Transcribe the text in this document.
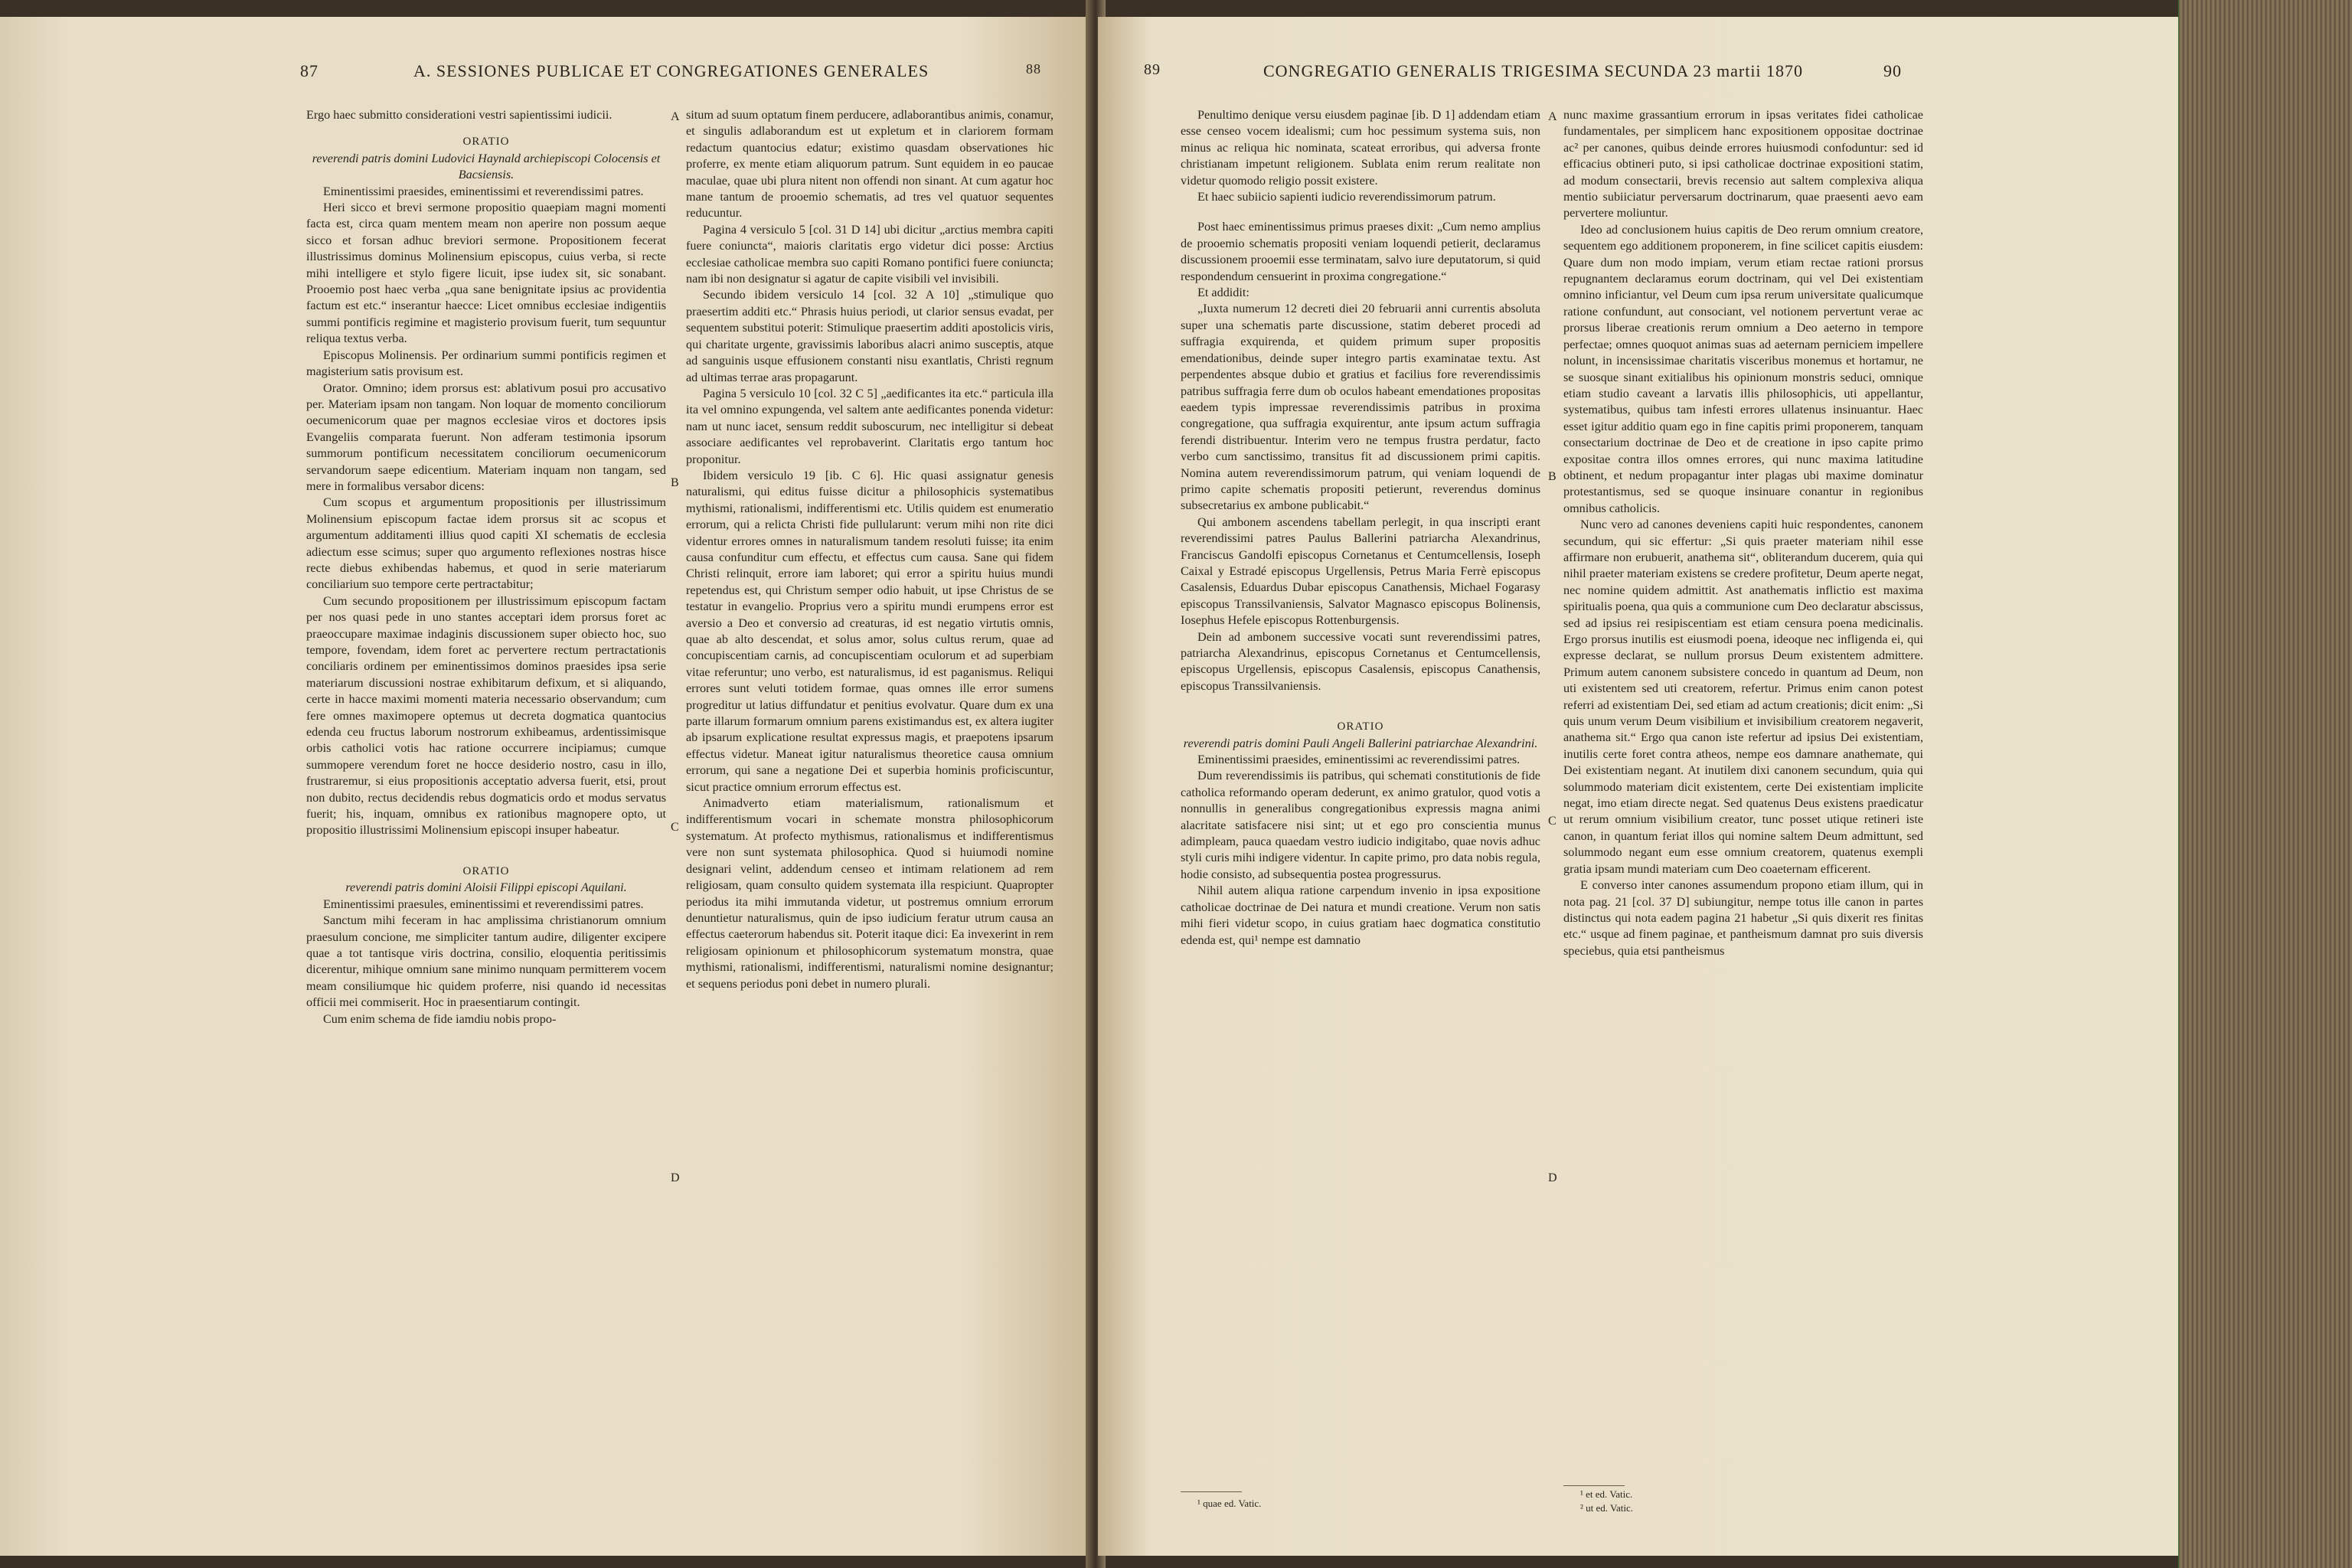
87	A. SESSIONES PUBLICAE ET CONGREGATIONES GENERALES	88

Ergo haec submitto considerationi vestri sapientissimi iudicii.

ORATIO

reverendi patris domini Ludovici Haynald archiepiscopi Colocensis et Bacsiensis.

Eminentissimi praesides, eminentissimi et reverendissimi patres.

Heri sicco et brevi sermone propositio quaepiam magni momenti facta est, circa quam mentem meam non aperire non possum aeque sicco et forsan adhuc breviori sermone. Propositionem fecerat illustrissimus dominus Molinensium episcopus, cuius verba, si recte mihi intelligere et stylo figere licuit, ipse iudex sit, sic sonabant. Prooemio post haec verba „qua sane benignitate ipsius ac providentia factum est etc.“ inserantur haecce: Licet omnibus ecclesiae indigentiis summi pontificis regimine et magisterio provisum fuerit, tum sequuntur reliqua textus verba.

Episcopus Molinensis. Per ordinarium summi pontificis regimen et magisterium satis provisum est.

Orator. Omnino; idem prorsus est: ablativum posui pro accusativo per. Materiam ipsam non tangam. Non loquar de momento conciliorum oecumenicorum quae per magnos ecclesiae viros et doctores ipsis Evangeliis comparata fuerunt. Non adferam testimonia ipsorum summorum pontificum necessitatem conciliorum oecumenicorum servandorum saepe edicentium. Materiam inquam non tangam, sed mere in formalibus versabor dicens:

Cum scopus et argumentum propositionis per illustrissimum Molinensium episcopum factae idem prorsus sit ac scopus et argumentum additamenti illius quod capiti XI schematis de ecclesia adiectum esse scimus; super quo argumento reflexiones nostras hisce recte diebus exhibendas habemus, et quod in serie materiarum conciliarium suo tempore certe pertractabitur;

Cum secundo propositionem per illustrissimum episcopum factam per nos quasi pede in uno stantes acceptari idem prorsus foret ac praeoccupare maximae indaginis discussionem super obiecto hoc, suo tempore, fovendam, idem foret ac pervertere rectum pertractationis conciliaris ordinem per eminentissimos dominos praesides ipsa serie materiarum discussioni nostrae exhibitarum defixum, et si aliquando, certe in hacce maximi momenti materia necessario observandum; cum fere omnes maximopere optemus ut decreta dogmatica quantocius edenda ceu fructus laborum nostrorum exhibeamus, ardentissimisque orbis catholici votis hac ratione occurrere incipiamus; cumque summopere verendum foret ne hocce desiderio nostro, casu in illo, frustraremur, si eius propositionis acceptatio adversa fuerit, etsi, prout non dubito, rectus decidendis rebus dogmaticis ordo et modus servatus fuerit; his, inquam, omnibus ex rationibus magnopere opto, ut propositio illustrissimi Molinensium episcopi insuper habeatur.

ORATIO

reverendi patris domini Aloisii Filippi episcopi Aquilani.

Eminentissimi praesules, eminentissimi et reverendissimi patres.

Sanctum mihi feceram in hac amplissima christianorum omnium praesulum concione, me simpliciter tantum audire, diligenter excipere quae a tot tantisque viris doctrina, consilio, eloquentia peritissimis dicerentur, mihique omnium sane minimo nunquam permitterem vocem meam consiliumque hic quidem proferre, nisi quando id necessitas officii mei commiserit. Hoc in praesentiarum contingit.

Cum enim schema de fide iamdiu nobis propo-

A
B
C
D

situm ad suum optatum finem perducere, adlaborantibus animis, conamur, et singulis adlaborandum est ut expletum et in clariorem formam redactum quantocius edatur; existimo quasdam observationes hic proferre, ex mente etiam aliquorum patrum. Sunt equidem in eo paucae maculae, quae ubi plura nitent non offendi non sinant. At cum agatur hoc mane tantum de prooemio schematis, ad tres vel quatuor sequentes reducuntur.

Pagina 4 versiculo 5 [col. 31 D 14] ubi dicitur „arctius membra capiti fuere coniuncta“, maioris claritatis ergo videtur dici posse: Arctius ecclesiae catholicae membra suo capiti Romano pontifici fuere coniuncta; nam ibi non designatur si agatur de capite visibili vel invisibili.

Secundo ibidem versiculo 14 [col. 32 A 10] „stimulique quo praesertim additi etc.“ Phrasis huius periodi, ut clarior sensus evadat, per sequentem substitui poterit: Stimulique praesertim additi apostolicis viris, qui charitate urgente, gravissimis laboribus alacri animo susceptis, atque ad sanguinis usque effusionem constanti nisu exantlatis, Christi regnum ad ultimas terrae aras propagarunt.

Pagina 5 versiculo 10 [col. 32 C 5] „aedificantes ita etc.“ particula illa ita vel omnino expungenda, vel saltem ante aedificantes ponenda videtur: nam ut nunc iacet, sensum reddit suboscurum, nec intelligitur si debeat associare aedificantes vel reprobaverint. Claritatis ergo tantum hoc proponitur.

Ibidem versiculo 19 [ib. C 6]. Hic quasi assignatur genesis naturalismi, qui editus fuisse dicitur a philosophicis systematibus mythismi, rationalismi, indifferentismi etc. Utilis quidem est enumeratio errorum, qui a relicta Christi fide pullularunt: verum mihi non rite dici videntur errores omnes in naturalismum tandem resoluti fuisse; ita enim causa confunditur cum effectu, et effectus cum causa. Sane qui fidem Christi relinquit, errore iam laboret; qui error a spiritu huius mundi repetendus est, qui Christum semper odio habuit, ut ipse Christus de se testatur in evangelio. Proprius vero a spiritu mundi erumpens error est aversio a Deo et conversio ad creaturas, id est negatio virtutis omnis, quae ab alto descendat, et solus amor, solus cultus rerum, quae ad concupiscentiam carnis, ad concupiscentiam oculorum et ad superbiam vitae referuntur; uno verbo, est naturalismus, id est paganismus. Reliqui errores sunt veluti totidem formae, quas omnes ille error sumens progreditur ut latius diffundatur et penitius evolvatur. Quare dum ex una parte illarum formarum omnium parens existimandus est, ex altera iugiter ab ipsarum explicatione resultat expressus magis, et praepotens ipsarum effectus videtur. Maneat igitur naturalismus theoretice causa omnium errorum, qui sane a negatione Dei et superbia hominis proficiscuntur, sicut practice omnium errorum effectus est.

Animadverto etiam materialismum, rationalismum et indifferentismum vocari in schemate monstra philosophicorum systematum. At profecto mythismus, rationalismus et indifferentismus vere non sunt systemata philosophica. Quod si huiumodi nomine designari velint, addendum censeo et intimam relationem ad rem religiosam, quam consulto quidem systemata illa respiciunt. Quapropter periodus ita mihi immutanda videtur, ut postremus omnium errorum denuntietur naturalismus, quin de ipso iudicium feratur utrum causa an effectus caeterorum habendus sit. Poterit itaque dici: Ea invexerint in rem religiosam opinionum et philosophicorum systematum monstra, quae mythismi, rationalismi, indifferentismi, naturalismi nomine designantur; et sequens periodus poni debet in numero plurali.

89	CONGREGATIO GENERALIS TRIGESIMA SECUNDA 23 martii 1870	90

Penultimo denique versu eiusdem paginae [ib. D 1] addendam etiam esse censeo vocem idealismi; cum hoc pessimum systema suis, non minus ac reliqua hic nominata, scateat erroribus, qui adversa fronte christianam impetunt religionem. Sublata enim rerum realitate non videtur quomodo religio possit existere.

Et haec subiicio sapienti iudicio reverendissimorum patrum.

Post haec eminentissimus primus praeses dixit: „Cum nemo amplius de prooemio schematis propositi veniam loquendi petierit, declaramus discussionem prooemii esse terminatam, salvo iure deputatorum, si quid respondendum censuerint in proxima congregatione.“

Et addidit:

„Iuxta numerum 12 decreti diei 20 februarii anni currentis absoluta super una schematis parte discussione, statim deberet procedi ad suffragia exquirenda, et quidem primum super propositis emendationibus, deinde super integro partis examinatae textu. Ast perpendentes absque dubio et gratius et facilius fore reverendissimis patribus suffragia ferre dum ob oculos habeant emendationes propositas eaedem typis impressae reverendissimis patribus in proxima congregatione, qua suffragia exquirentur, ante ipsum actum suffragia ferendi distribuentur. Interim vero ne tempus frustra perdatur, facto verbo cum sanctissimo, transitus fit ad discussionem primi capitis. Nomina autem reverendissimorum patrum, qui veniam loquendi de primo capite schematis propositi petierunt, reverendus dominus subsecretarius ex ambone publicabit.“

Qui ambonem ascendens tabellam perlegit, in qua inscripti erant reverendissimi patres Paulus Ballerini patriarcha Alexandrinus, Franciscus Gandolfi episcopus Cornetanus et Centumcellensis, Ioseph Caixal y Estradé episcopus Urgellensis, Petrus Maria Ferrè episcopus Casalensis, Eduardus Dubar episcopus Canathensis, Michael Fogarasy episcopus Transsilvaniensis, Salvator Magnasco episcopus Bolinensis, Iosephus Hefele episcopus Rottenburgensis.

Dein ad ambonem successive vocati sunt reverendissimi patres, patriarcha Alexandrinus, episcopus Cornetanus et Centumcellensis, episcopus Urgellensis, episcopus Casalensis, episcopus Canathensis, episcopus Transsilvaniensis.

ORATIO

reverendi patris domini Pauli Angeli Ballerini patriarchae Alexandrini.

Eminentissimi praesides, eminentissimi ac reverendissimi patres.

Dum reverendissimis iis patribus, qui schemati constitutionis de fide catholica reformando operam dederunt, ex animo gratulor, quod votis a nonnullis in generalibus congregationibus expressis magna animi alacritate satisfacere nisi sint; ut et ego pro conscientia munus adimpleam, pauca quaedam vestro iudicio indigitabo, quae novis adhuc styli curis mihi indigere videntur. In capite primo, pro data nobis regula, hodie consisto, ad subsequentia postea progressurus.

Nihil autem aliqua ratione carpendum invenio in ipsa expositione catholicae doctrinae de Dei natura et mundi creatione. Verum non satis mihi fieri videtur scopo, in cuius gratiam haec dogmatica constitutio edenda est, qui¹ nempe est damnatio

A
B
C
D

nunc maxime grassantium errorum in ipsas veritates fidei catholicae fundamentales, per simplicem hanc expositionem oppositae doctrinae ac² per canones, quibus deinde errores huiusmodi confoduntur: sed id efficacius obtineri puto, si ipsi catholicae doctrinae expositioni statim, ad modum consectarii, brevis recensio aut saltem complexiva aliqua mentio subiiciatur perversarum doctrinarum, quae praesenti aevo eam pervertere moliuntur.

Ideo ad conclusionem huius capitis de Deo rerum omnium creatore, sequentem ego additionem proponerem, in fine scilicet capitis eiusdem: Quare dum non modo impiam, verum etiam rectae rationi prorsus repugnantem declaramus eorum doctrinam, qui vel Dei existentiam omnino inficiantur, vel Deum cum ipsa rerum universitate qualicumque ratione confundunt, aut consociant, vel notionem pervertunt verae ac prorsus liberae creationis rerum omnium a Deo aeterno in tempore perfectae; omnes quoquot animas suas ad aeternam perniciem impellere nolunt, in incensissimae charitatis visceribus monemus et hortamur, ne se suosque sinant exitialibus his opinionum monstris seduci, omnique etiam studio caveant a larvatis illis philosophicis, uti appellantur, systematibus, quibus tam infesti errores ullatenus insinuantur. Haec esset igitur additio quam ego in fine capitis primi proponerem, tanquam consectarium doctrinae de Deo et de creatione in ipso capite primo expositae contra illos omnes errores, qui nunc maxima latitudine obtinent, et nedum propagantur inter plagas ubi maxime dominatur protestantismus, sed se quoque insinuare conantur in regionibus omnibus catholicis.

Nunc vero ad canones deveniens capiti huic respondentes, canonem secundum, qui sic effertur: „Si quis praeter materiam nihil esse affirmare non erubuerit, anathema sit“, obliterandum ducerem, quia qui nihil praeter materiam existens se credere profitetur, Deum aperte negat, nec nomine quidem admittit. Ast anathematis inflictio est maxima spiritualis poena, qua quis a communione cum Deo declaratur abscissus, sed ad ipsius rei resipiscentiam est etiam censura poena medicinalis. Ergo prorsus inutilis est eiusmodi poena, ideoque nec infligenda ei, qui expresse declarat, se nullum prorsus Deum existentem admittere. Primum autem canonem subsistere concedo in quantum ad Deum, non uti existentem sed uti creatorem, refertur. Primus enim canon potest referri ad existentiam Dei, sed etiam ad actum creationis; dicit enim: „Si quis unum verum Deum visibilium et invisibilium creatorem negaverit, anathema sit.“ Ergo qua canon iste refertur ad ipsius Dei existentiam, inutilis certe foret contra atheos, nempe eos damnare anathemate, qui Dei existentiam negant. At inutilem dixi canonem secundum, quia qui solummodo materiam dicit existentem, certe Dei existentiam implicite negat, imo etiam directe negat. Sed quatenus Deus existens praedicatur ut rerum omnium visibilium creator, tunc posset utique retineri iste canon, in quantum feriat illos qui nomine saltem Deum admittunt, sed solummodo negant eum esse omnium creatorem, quatenus exempli gratia ipsam mundi materiam cum Deo coaeternam efficerent.

E converso inter canones assumendum propono etiam illum, qui in nota pag. 21 [col. 37 D] subiungitur, nempe totus ille canon in partes distinctus qui nota eadem pagina 21 habetur „Si quis dixerit res finitas etc.“ usque ad finem paginae, et pantheismum damnat pro suis diversis speciebus, quia etsi pantheismus

¹ quae ed. Vatic.
¹ et ed. Vatic.
² ut ed. Vatic.
